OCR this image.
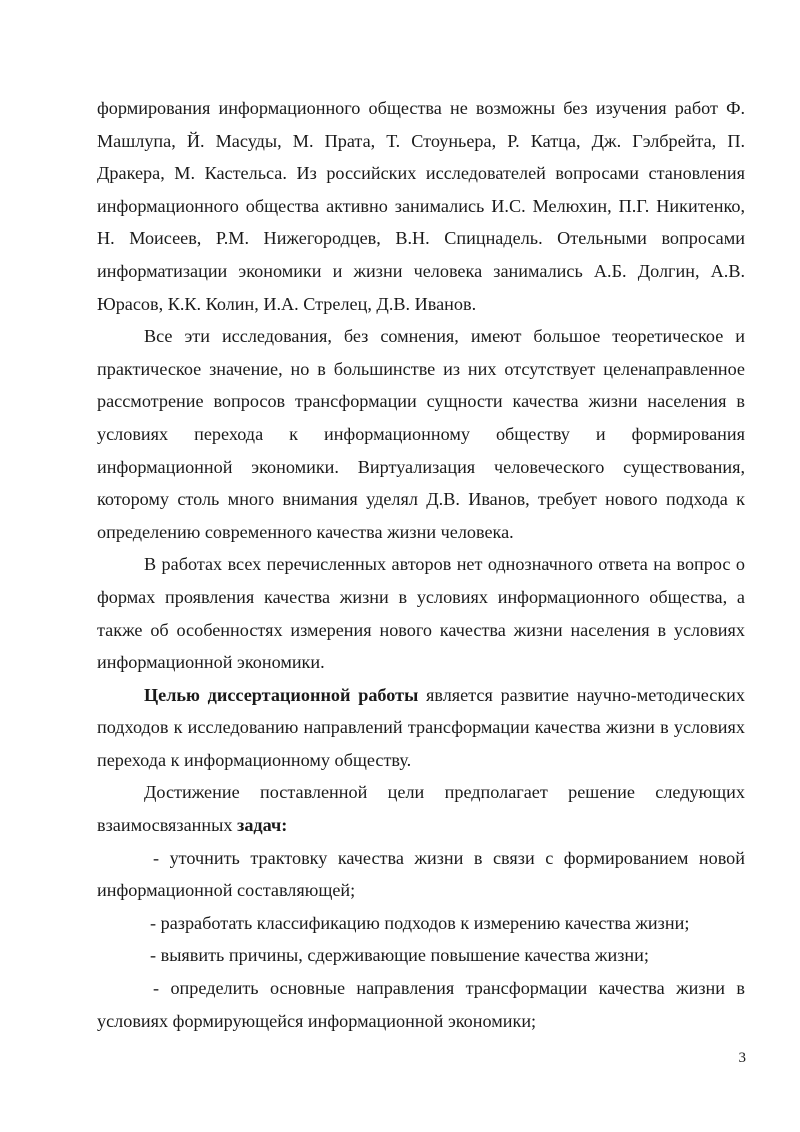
формирования информационного общества не возможны без изучения работ Ф. Машлупа, Й. Масуды, М. Прата, Т. Стоуньера, Р. Катца, Дж. Гэлбрейта, П. Дракера, М. Кастельса. Из российских исследователей вопросами становления информационного общества активно занимались И.С. Мелюхин, П.Г. Никитенко, Н. Моисеев, Р.М. Нижегородцев, В.Н. Спицнадель. Отельными вопросами информатизации экономики и жизни человека занимались А.Б. Долгин, А.В. Юрасов, К.К. Колин, И.А. Стрелец, Д.В. Иванов.

Все эти исследования, без сомнения, имеют большое теоретическое и практическое значение, но в большинстве из них отсутствует целенаправленное рассмотрение вопросов трансформации сущности качества жизни населения в условиях перехода к информационному обществу и формирования информационной экономики. Виртуализация человеческого существования, которому столь много внимания уделял Д.В. Иванов, требует нового подхода к определению современного качества жизни человека.

В работах всех перечисленных авторов нет однозначного ответа на вопрос о формах проявления качества жизни в условиях информационного общества, а также об особенностях измерения нового качества жизни населения в условиях информационной экономики.

Целью диссертационной работы является развитие научно-методических подходов к исследованию направлений трансформации качества жизни в условиях перехода к информационному обществу.

Достижение поставленной цели предполагает решение следующих взаимосвязанных задач:

- уточнить трактовку качества жизни в связи с формированием новой информационной составляющей;

- разработать классификацию подходов к измерению качества жизни;

- выявить причины, сдерживающие повышение качества жизни;

- определить основные направления трансформации качества жизни в условиях формирующейся информационной экономики;

3
